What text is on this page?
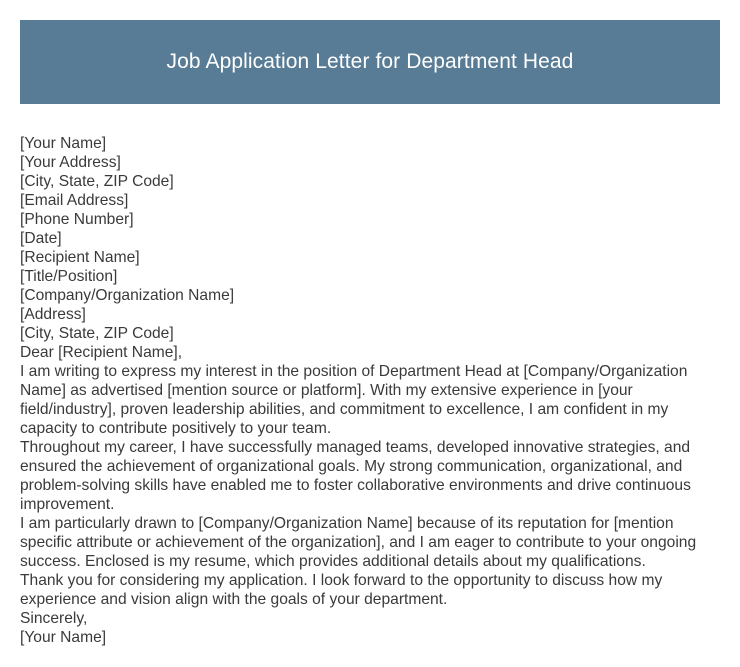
Job Application Letter for Department Head

[Your Name]

[Your Address]

[City, State, ZIP Code]

[Email Address]

[Phone Number]

[Date]

[Recipient Name]

[Title/Position]

[Company/Organization Name]

[Address]

[City, State, ZIP Code]

Dear [Recipient Name],

I am writing to express my interest in the position of Department Head at [Company/Organization Name] as advertised [mention source or platform]. With my extensive experience in [your field/industry], proven leadership abilities, and commitment to excellence, I am confident in my capacity to contribute positively to your team.

Throughout my career, I have successfully managed teams, developed innovative strategies, and ensured the achievement of organizational goals. My strong communication, organizational, and problem-solving skills have enabled me to foster collaborative environments and drive continuous improvement.

I am particularly drawn to [Company/Organization Name] because of its reputation for [mention specific attribute or achievement of the organization], and I am eager to contribute to your ongoing success. Enclosed is my resume, which provides additional details about my qualifications.

Thank you for considering my application. I look forward to the opportunity to discuss how my experience and vision align with the goals of your department.

Sincerely,

[Your Name]
